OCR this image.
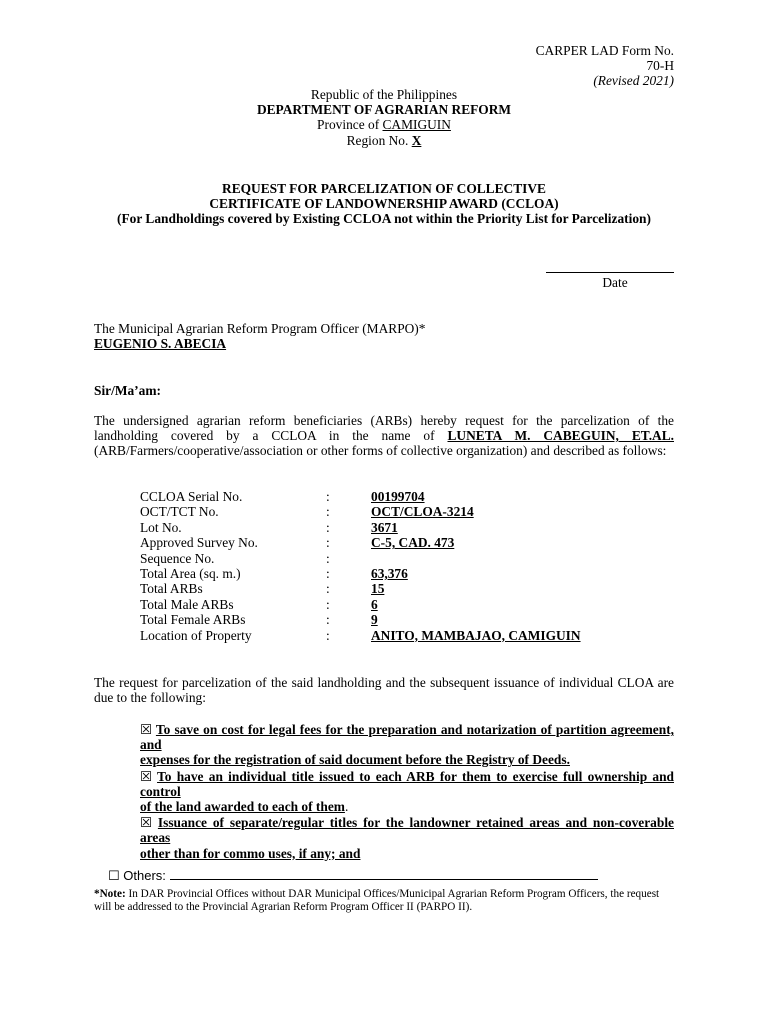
CARPER LAD Form No. 70-H
(Revised 2021)
Republic of the Philippines
DEPARTMENT OF AGRARIAN REFORM
Province of CAMIGUIN
Region No. X
REQUEST FOR PARCELIZATION OF COLLECTIVE
CERTIFICATE OF LANDOWNERSHIP AWARD (CCLOA)
(For Landholdings covered by Existing CCLOA not within the Priority List for Parcelization)
Date
The Municipal Agrarian Reform Program Officer (MARPO)*
EUGENIO S. ABECIA
Sir/Ma’am:
The undersigned agrarian reform beneficiaries (ARBs) hereby request for the parcelization of the landholding covered by a CCLOA in the name of LUNETA M. CABEGUIN, ET.AL. (ARB/Farmers/cooperative/association or other forms of collective organization) and described as follows:
CCLOA Serial No.	:	00199704
OCT/TCT No.	:	OCT/CLOA-3214
Lot No.	:	3671
Approved Survey No.	:	C-5, CAD. 473
Sequence No.	:
Total Area (sq. m.)	:	63,376
Total ARBs	:	15
Total Male ARBs	:	6
Total Female ARBs	:	9
Location of Property	:	ANITO, MAMBAJAO, CAMIGUIN
The request for parcelization of the said landholding and the subsequent issuance of individual CLOA are due to the following:
☒ To save on cost for legal fees for the preparation and notarization of partition agreement, and
expenses for the registration of said document before the Registry of Deeds.
☒ To have an individual title issued to each ARB for them to exercise full ownership and control
of the land awarded to each of them.
☒ Issuance of separate/regular titles for the landowner retained areas and non-coverable areas
other than for commo uses, if any; and
☐ Others:
*Note: In DAR Provincial Offices without DAR Municipal Offices/Municipal Agrarian Reform Program Officers, the request will be addressed to the Provincial Agrarian Reform Program Officer II (PARPO II).
